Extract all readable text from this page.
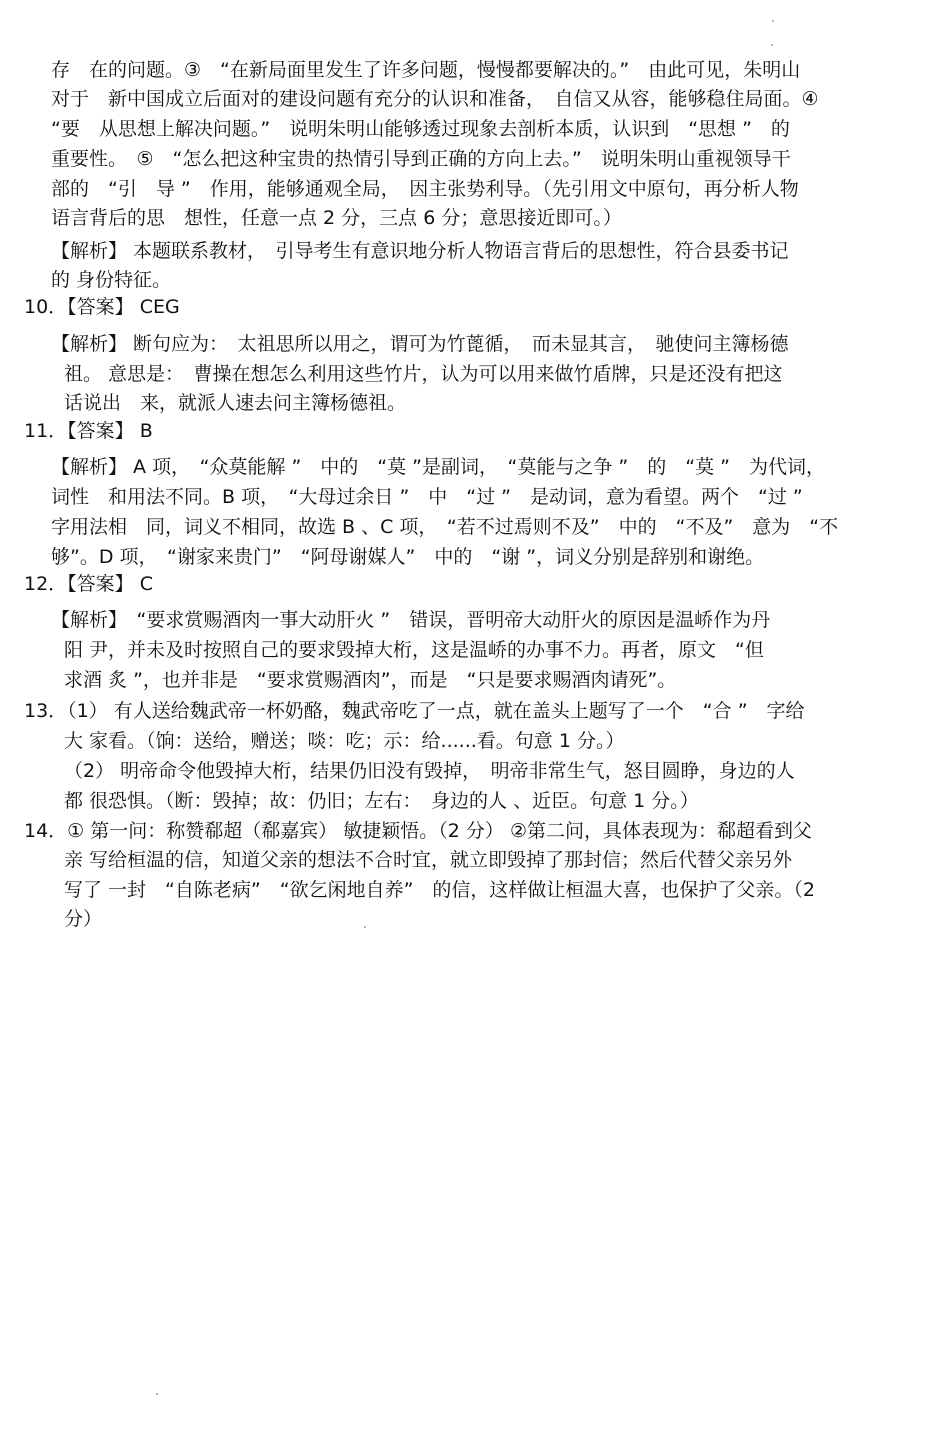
存　在的问题。③　“在新局面里发生了许多问题，慢慢都要解决的。”　由此可见，朱明山
对于　新中国成立后面对的建设问题有充分的认识和准备，　自信又从容，能够稳住局面。④
“要　从思想上解决问题。”　说明朱明山能够透过现象去剖析本质，认识到　“思想 ”　的
重要性。　⑤　“怎么把这种宝贵的热情引导到正确的方向上去。”　说明朱明山重视领导干
部的　“引　导 ”　作用，能够通观全局，　因主张势利导。（先引用文中原句，再分析人物
语言背后的思　想性，任意一点 2 分，三点 6 分；意思接近即可。）
【解析】 本题联系教材，　引导考生有意识地分析人物语言背后的思想性，符合县委书记
的 身份特征。
10．【答案】 CEG
【解析】 断句应为：　太祖思所以用之，谓可为竹蓖循，　而未显其言，　驰使问主簿杨德
祖。 意思是：　曹操在想怎么利用这些竹片，认为可以用来做竹盾牌，只是还没有把这
话说出　来，就派人速去问主簿杨德祖。
11．【答案】 B
【解析】 A 项，　“众莫能解 ”　中的　“莫 ”是副词，　“莫能与之争 ”　的　“莫 ”　为代词，
词性　和用法不同。B 项，　“大母过余日 ”　中　“过 ”　是动词，意为看望。两个　“过 ”
字用法相　同，词义不相同，故选 B 、C 项，　“若不过焉则不及”　中的　“不及”　意为　“不
够”。D 项，　“谢家来贵门”　“阿母谢媒人”　中的　“谢 ”，词义分别是辞别和谢绝。
12．【答案】 C
【解析】　“要求赏赐酒肉一事大动肝火 ”　错误，晋明帝大动肝火的原因是温峤作为丹
阳 尹，并未及时按照自己的要求毁掉大桁，这是温峤的办事不力。再者，原文　“但
求酒 炙 ”，也并非是　“要求赏赐酒肉”，而是　“只是要求赐酒肉请死”。
13．（1） 有人送给魏武帝一杯奶酪，魏武帝吃了一点，就在盖头上题写了一个　“合 ”　字给
大 家看。（饷：送给，赠送；啖：吃；示：给......看。句意 1 分。）
（2） 明帝命令他毁掉大桁，结果仍旧没有毁掉，　明帝非常生气，怒目圆睁，身边的人
都 很恐惧。（断：毁掉；故：仍旧；左右：　身边的人 、近臣。句意 1 分。）
14．① 第一问：称赞郗超（郗嘉宾） 敏捷颖悟。（2 分） ②第二问，具体表现为：郗超看到父
亲 写给桓温的信，知道父亲的想法不合时宜，就立即毁掉了那封信；然后代替父亲另外
写了 一封　“自陈老病”　“欲乞闲地自养”　的信，这样做让桓温大喜，也保护了父亲。（2
分）
